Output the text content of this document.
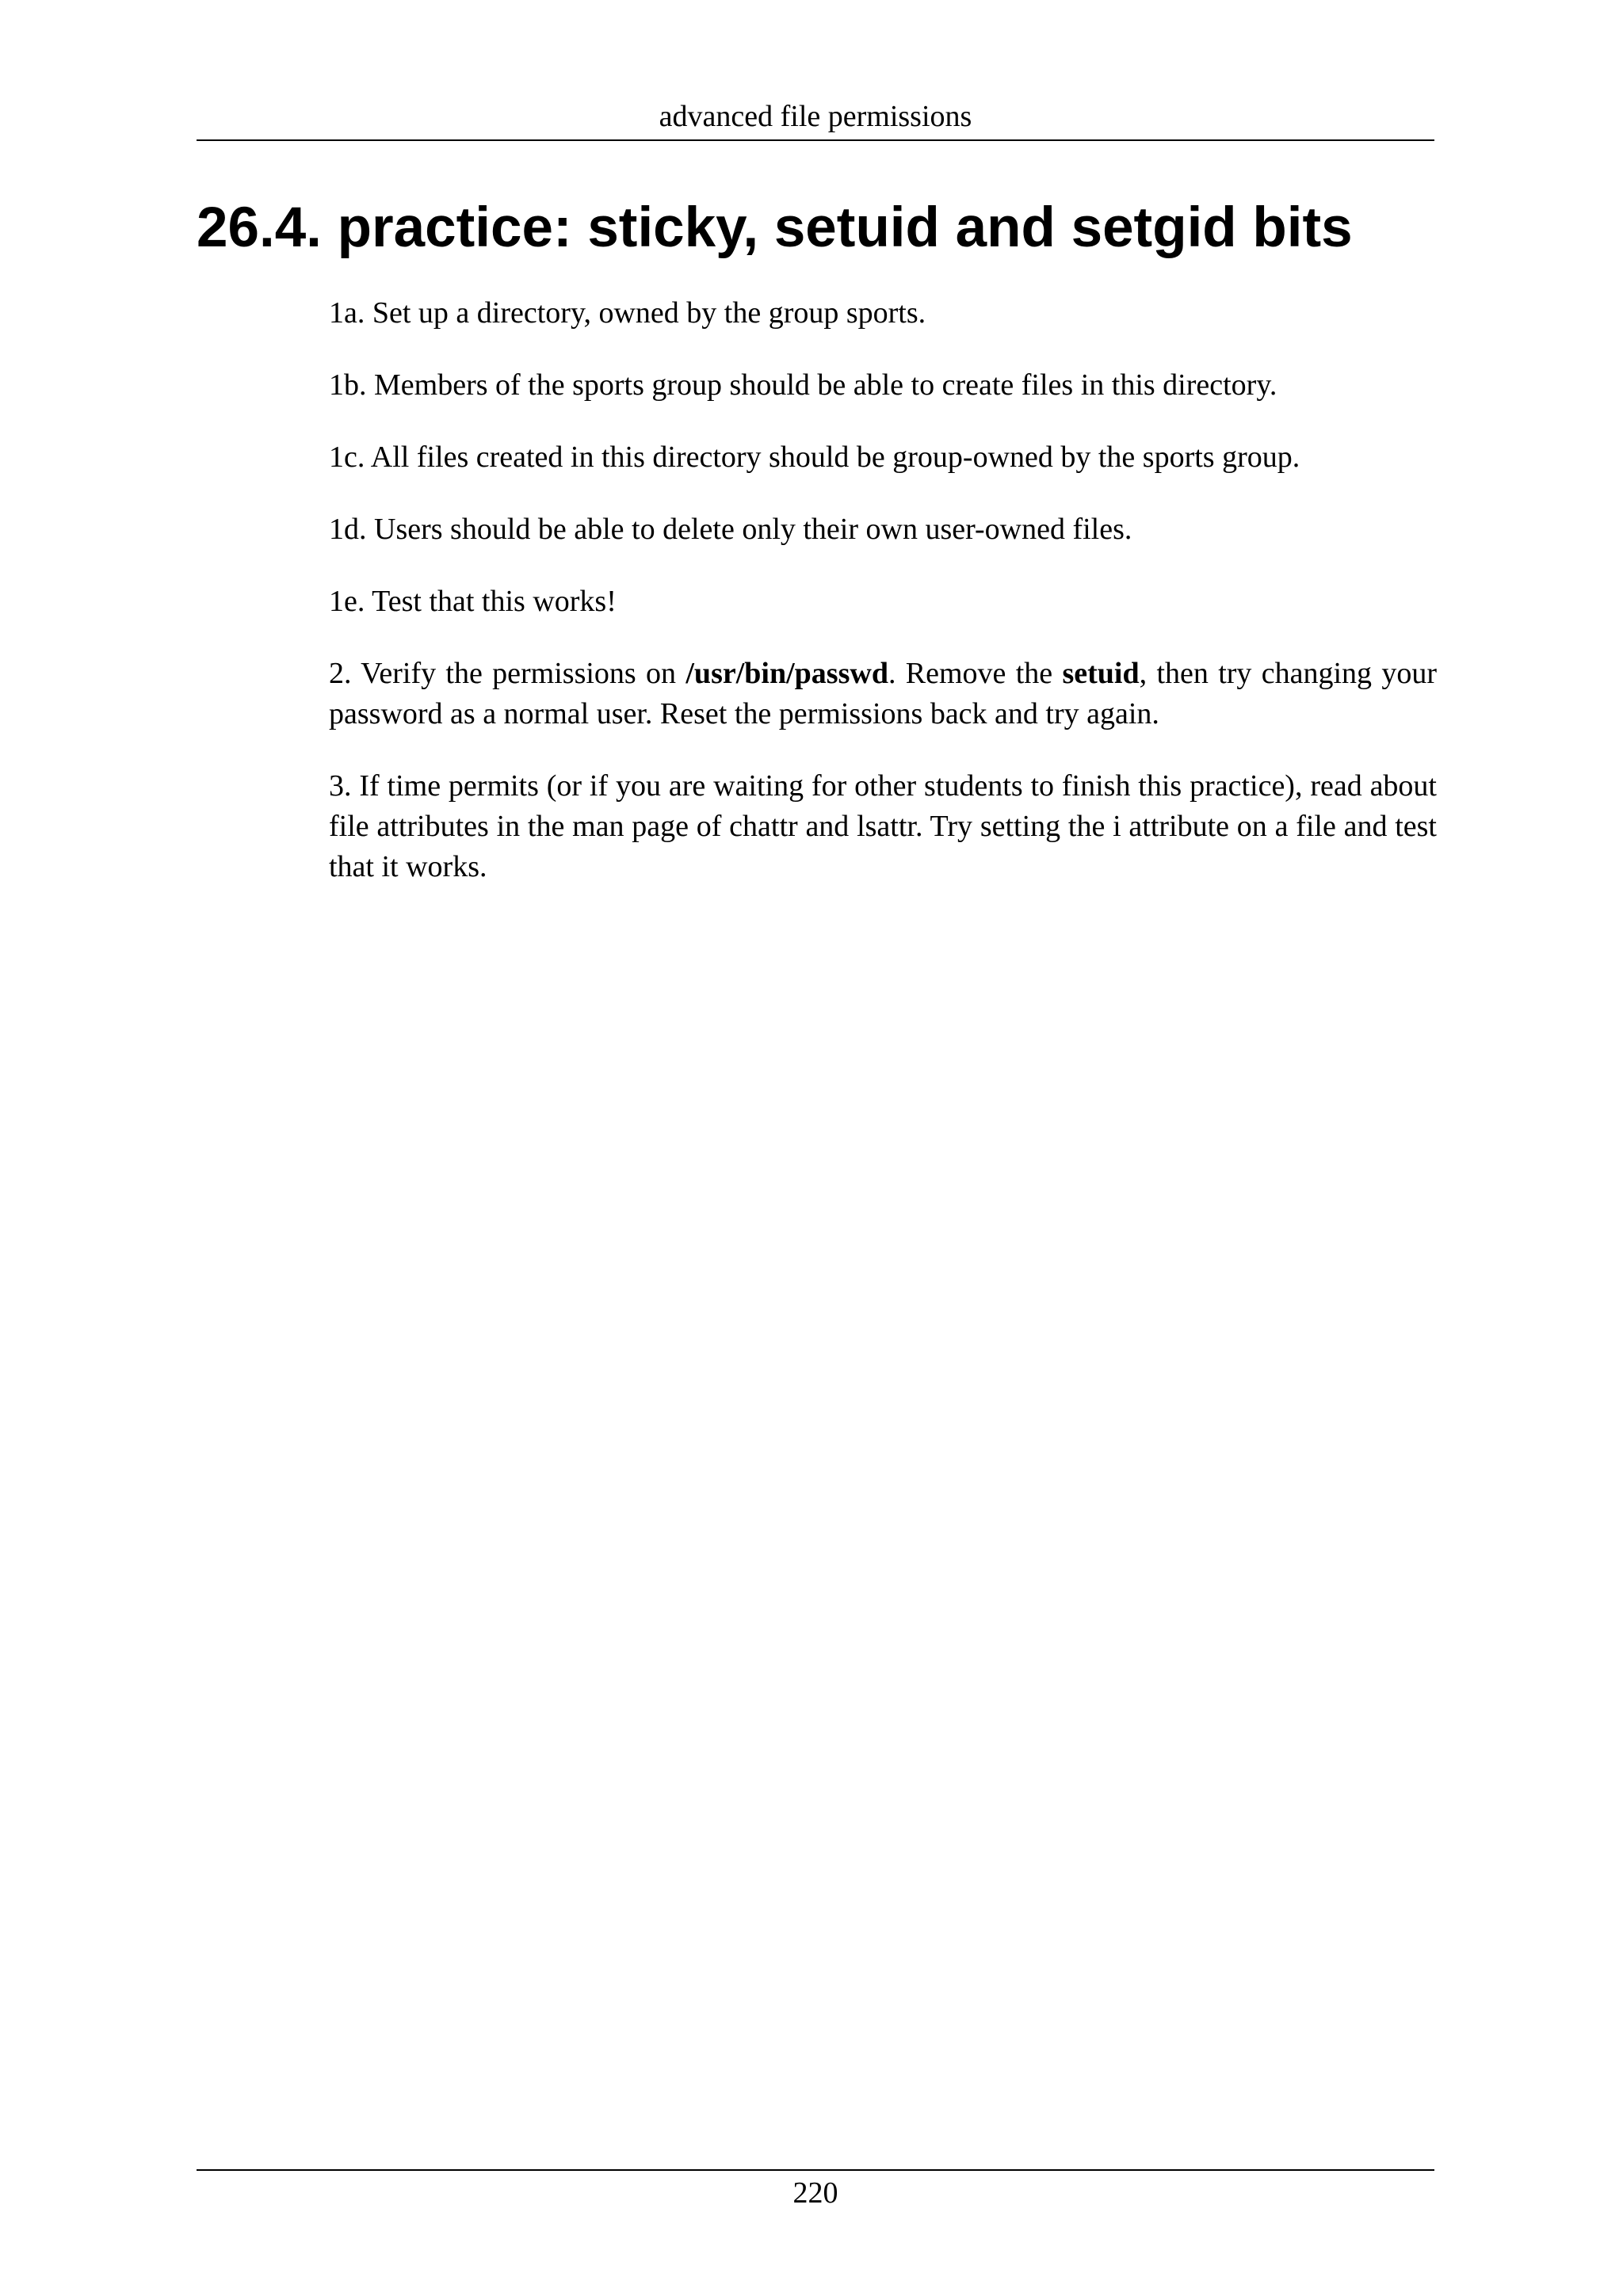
advanced file permissions
26.4. practice: sticky, setuid and setgid bits

1a. Set up a directory, owned by the group sports.

1b. Members of the sports group should be able to create files in this directory.

1c. All files created in this directory should be group-owned by the sports group.

1d. Users should be able to delete only their own user-owned files.

1e. Test that this works!

2. Verify the permissions on /usr/bin/passwd. Remove the setuid, then try changing your password as a normal user. Reset the permissions back and try again.

3. If time permits (or if you are waiting for other students to finish this practice), read about file attributes in the man page of chattr and lsattr. Try setting the i attribute on a file and test that it works.

220
